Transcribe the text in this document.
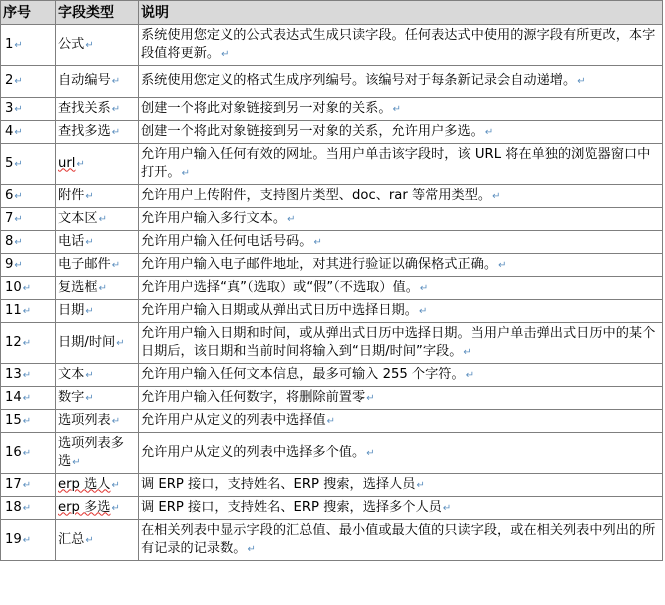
序号	字段类型	说明
1↵	公式↵	系统使用您定义的公式表达式生成只读字段。任何表达式中使用的源字段有所更改，本字段值将更新。↵
2↵	自动编号↵	系统使用您定义的格式生成序列编号。该编号对于每条新记录会自动递增。↵
3↵	查找关系↵	创建一个将此对象链接到另一对象的关系。↵
4↵	查找多选↵	创建一个将此对象链接到另一对象的关系，允许用户多选。↵
5↵	url↵	允许用户输入任何有效的网址。当用户单击该字段时，该 URL 将在单独的浏览器窗口中打开。↵
6↵	附件↵	允许用户上传附件，支持图片类型、doc、rar 等常用类型。↵
7↵	文本区↵	允许用户输入多行文本。↵
8↵	电话↵	允许用户输入任何电话号码。↵
9↵	电子邮件↵	允许用户输入电子邮件地址，对其进行验证以确保格式正确。↵
10↵	复选框↵	允许用户选择“真”（选取）或“假”（不选取）值。↵
11↵	日期↵	允许用户输入日期或从弹出式日历中选择日期。↵
12↵	日期/时间↵	允许用户输入日期和时间，或从弹出式日历中选择日期。当用户单击弹出式日历中的某个日期后，该日期和当前时间将输入到“日期/时间”字段。↵
13↵	文本↵	允许用户输入任何文本信息，最多可输入 255 个字符。↵
14↵	数字↵	允许用户输入任何数字，将删除前置零↵
15↵	选项列表↵	允许用户从定义的列表中选择值↵
16↵	选项列表多选↵	允许用户从定义的列表中选择多个值。↵
17↵	erp 选人↵	调 ERP 接口，支持姓名、ERP 搜索，选择人员↵
18↵	erp 多选↵	调 ERP 接口，支持姓名、ERP 搜索，选择多个人员↵
19↵	汇总↵	在相关列表中显示字段的汇总值、最小值或最大值的只读字段，或在相关列表中列出的所有记录的记录数。↵
